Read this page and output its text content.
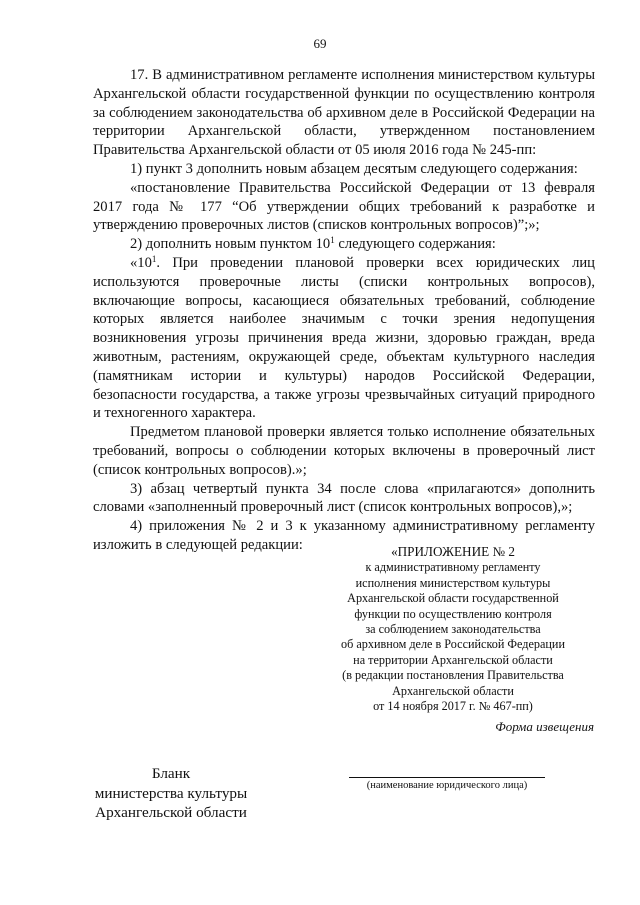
69

17. В административном регламенте исполнения министерством культуры Архангельской области государственной функции по осуществлению контроля за соблюдением законодательства об архивном деле в Российской Федерации на территории Архангельской области, утвержденном постановлением Правительства Архангельской области от 05 июля 2016 года № 245-пп:

1) пункт 3 дополнить новым абзацем десятым следующего содержания:

«постановление Правительства Российской Федерации от 13 февраля 2017 года № 177 “Об утверждении общих требований к разработке и утверждению проверочных листов (списков контрольных вопросов)”;»;

2) дополнить новым пунктом $10^1$ следующего содержания:

«$10^1$. При проведении плановой проверки всех юридических лиц используются проверочные листы (списки контрольных вопросов), включающие вопросы, касающиеся обязательных требований, соблюдение которых является наиболее значимым с точки зрения недопущения возникновения угрозы причинения вреда жизни, здоровью граждан, вреда животным, растениям, окружающей среде, объектам культурного наследия (памятникам истории и культуры) народов Российской Федерации, безопасности государства, а также угрозы чрезвычайных ситуаций природного и техногенного характера.

Предметом плановой проверки является только исполнение обязательных требований, вопросы о соблюдении которых включены в проверочный лист (список контрольных вопросов).»;

3) абзац четвертый пункта 34 после слова «прилагаются» дополнить словами «заполненный проверочный лист (список контрольных вопросов),»;

4) приложения № 2 и 3 к указанному административному регламенту изложить в следующей редакции:	«ПРИЛОЖЕНИЕ № 2
к административному регламенту
исполнения министерством культуры
Архангельской области государственной
функции по осуществлению контроля
за соблюдением законодательства
об архивном деле в Российской Федерации
на территории Архангельской области
(в редакции постановления Правительства
Архангельской области
от 14 ноября 2017 г. № 467-пп)
Форма извещения
Бланк
министерства культуры
Архангельской области
(наименование юридического лица)
